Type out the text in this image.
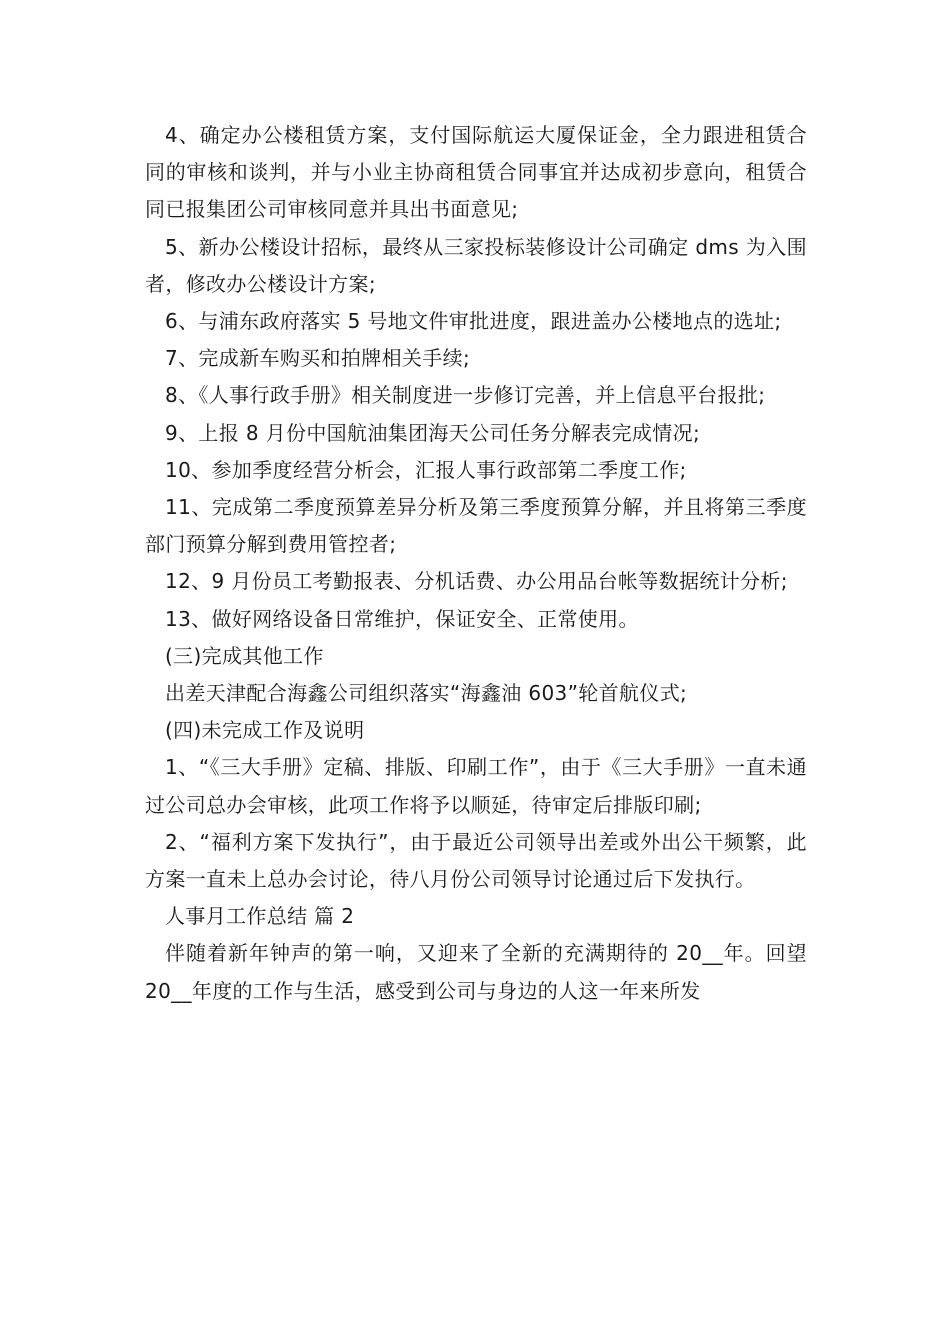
4、确定办公楼租赁方案，支付国际航运大厦保证金，全力跟进租赁合同的审核和谈判，并与小业主协商租赁合同事宜并达成初步意向，租赁合同已报集团公司审核同意并具出书面意见;

5、新办公楼设计招标，最终从三家投标装修设计公司确定 dms 为入围者，修改办公楼设计方案;

6、与浦东政府落实 5 号地文件审批进度，跟进盖办公楼地点的选址;

7、完成新车购买和拍牌相关手续;

8、《人事行政手册》相关制度进一步修订完善，并上信息平台报批;

9、上报 8 月份中国航油集团海天公司任务分解表完成情况;

10、参加季度经营分析会，汇报人事行政部第二季度工作;

11、完成第二季度预算差异分析及第三季度预算分解，并且将第三季度部门预算分解到费用管控者;

12、9 月份员工考勤报表、分机话费、办公用品台帐等数据统计分析;

13、做好网络设备日常维护，保证安全、正常使用。

(三)完成其他工作

出差天津配合海鑫公司组织落实“海鑫油 603”轮首航仪式;

(四)未完成工作及说明

1、“《三大手册》定稿、排版、印刷工作”，由于《三大手册》一直未通过公司总办会审核，此项工作将予以顺延，待审定后排版印刷;

2、“福利方案下发执行”，由于最近公司领导出差或外出公干频繁，此方案一直未上总办会讨论，待八月份公司领导讨论通过后下发执行。

人事月工作总结 篇 2

伴随着新年钟声的第一响，又迎来了全新的充满期待的 20__年。回望 20__年度的工作与生活，感受到公司与身边的人这一年来所发
